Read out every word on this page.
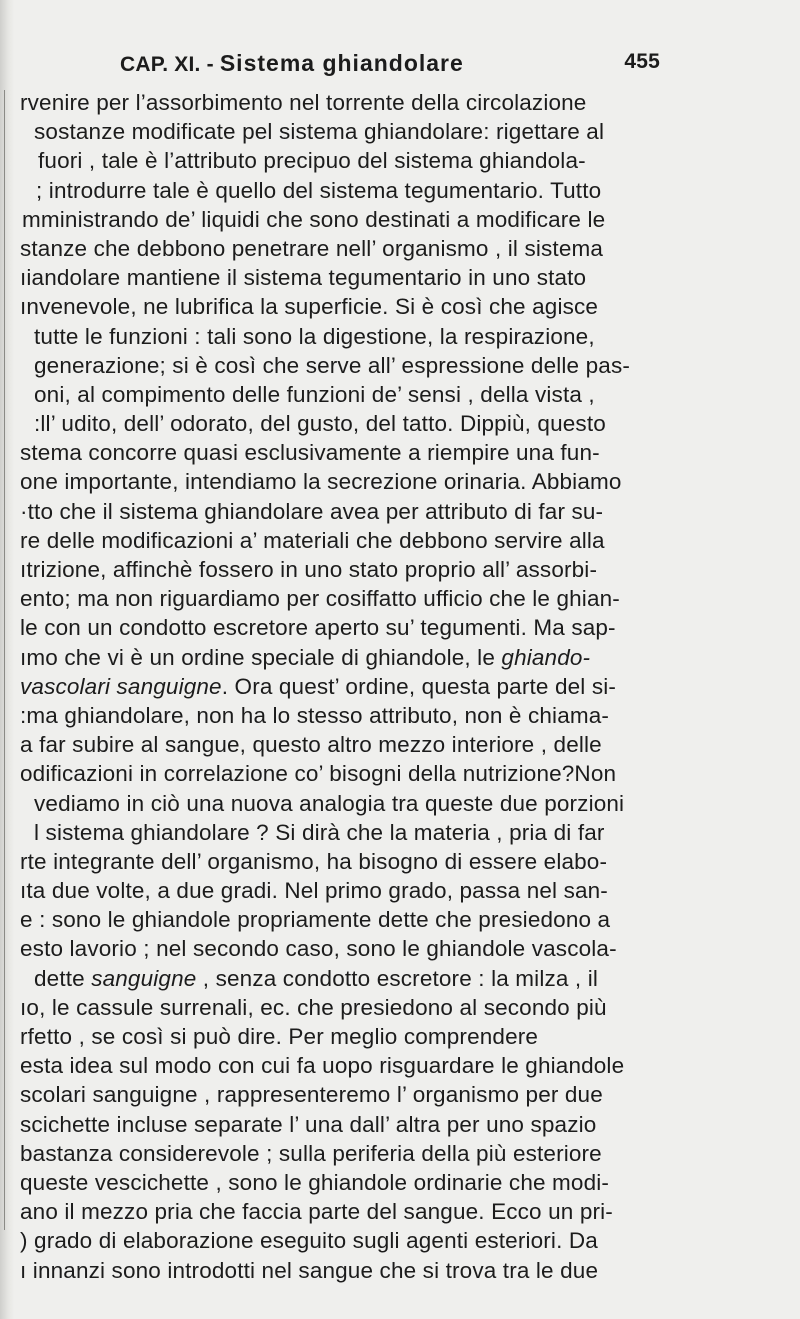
CAP. XI. - Sistema ghiandolare	455
rvenire per l’assorbimento nel torrente della circolazione
sostanze modificate pel sistema ghiandolare: rigettare al
fuori , tale è l’attributo precipuo del sistema ghiandola-
; introdurre tale è quello del sistema tegumentario. Tutto
mministrando de’ liquidi che sono destinati a modificare le
stanze che debbono penetrare nell’ organismo , il sistema
ıiandolare mantiene il sistema tegumentario in uno stato
ınvenevole, ne lubrifica la superficie. Si è così che agisce
tutte le funzioni : tali sono la digestione, la respirazione,
generazione; si è così che serve all’ espressione delle pas-
oni, al compimento delle funzioni de’ sensi , della vista ,
:ll’ udito, dell’ odorato, del gusto, del tatto. Dippiù, questo
stema concorre quasi esclusivamente a riempire una fun-
one importante, intendiamo la secrezione orinaria. Abbiamo
·tto che il sistema ghiandolare avea per attributo di far su-
re delle modificazioni a’ materiali che debbono servire alla
ıtrizione, affinchè fossero in uno stato proprio all’ assorbi-
ento; ma non riguardiamo per cosiffatto ufficio che le ghian-
le con un condotto escretore aperto su’ tegumenti. Ma sap-
ımo che vi è un ordine speciale di ghiandole, le ghiando-
vascolari sanguigne. Ora quest’ ordine, questa parte del si-
:ma ghiandolare, non ha lo stesso attributo, non è chiama-
a far subire al sangue, questo altro mezzo interiore , delle
odificazioni in correlazione co’ bisogni della nutrizione?Non
vediamo in ciò una nuova analogia tra queste due porzioni
l sistema ghiandolare ? Si dirà che la materia , pria di far
rte integrante dell’ organismo, ha bisogno di essere elabo-
ıta due volte, a due gradi. Nel primo grado, passa nel san-
e : sono le ghiandole propriamente dette che presiedono a
esto lavorio ; nel secondo caso, sono le ghiandole vascola-
dette sanguigne , senza condotto escretore : la milza , il
ıo, le cassule surrenali, ec. che presiedono al secondo più
rfetto , se così si può dire. Per meglio comprendere
esta idea sul modo con cui fa uopo risguardare le ghiandole
scolari sanguigne , rappresenteremo l’ organismo per due
scichette incluse separate l’ una dall’ altra per uno spazio
bastanza considerevole ; sulla periferia della più esteriore
queste vescichette , sono le ghiandole ordinarie che modi-
ano il mezzo pria che faccia parte del sangue. Ecco un pri-
) grado di elaborazione eseguito sugli agenti esteriori. Da
ı innanzi sono introdotti nel sangue che si trova tra le due
